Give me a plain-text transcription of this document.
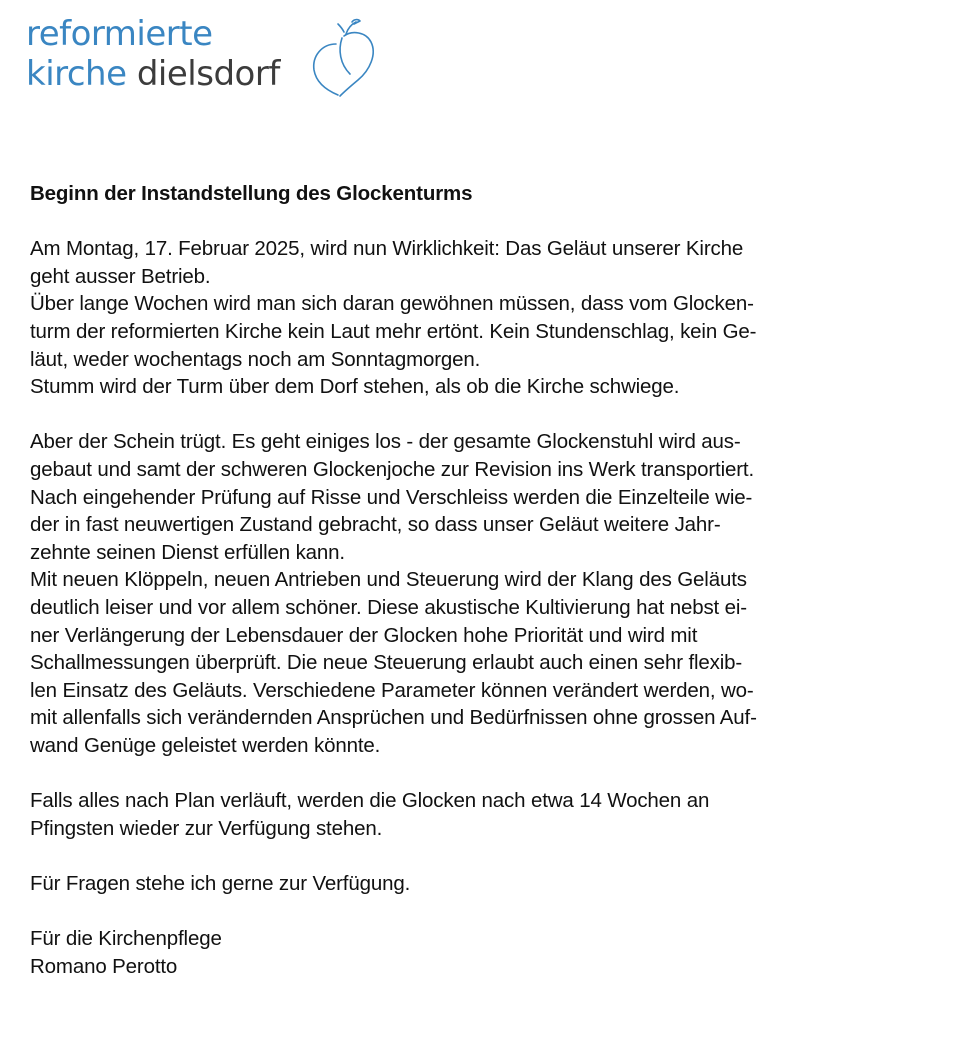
reformierte
kirche dielsdorf
Beginn der Instandstellung des Glockenturms
Am Montag, 17. Februar 2025, wird nun Wirklichkeit: Das Geläut unserer Kirche
geht ausser Betrieb.
Über lange Wochen wird man sich daran gewöhnen müssen, dass vom Glocken-
turm der reformierten Kirche kein Laut mehr ertönt. Kein Stundenschlag, kein Ge-
läut, weder wochentags noch am Sonntagmorgen.
Stumm wird der Turm über dem Dorf stehen, als ob die Kirche schwiege.
Aber der Schein trügt. Es geht einiges los - der gesamte Glockenstuhl wird aus-
gebaut und samt der schweren Glockenjoche zur Revision ins Werk transportiert.
Nach eingehender Prüfung auf Risse und Verschleiss werden die Einzelteile wie-
der in fast neuwertigen Zustand gebracht, so dass unser Geläut weitere Jahr-
zehnte seinen Dienst erfüllen kann.
Mit neuen Klöppeln, neuen Antrieben und Steuerung wird der Klang des Geläuts
deutlich leiser und vor allem schöner. Diese akustische Kultivierung hat nebst ei-
ner Verlängerung der Lebensdauer der Glocken hohe Priorität und wird mit
Schallmessungen überprüft. Die neue Steuerung erlaubt auch einen sehr flexib-
len Einsatz des Geläuts. Verschiedene Parameter können verändert werden, wo-
mit allenfalls sich verändernden Ansprüchen und Bedürfnissen ohne grossen Auf-
wand Genüge geleistet werden könnte.
Falls alles nach Plan verläuft, werden die Glocken nach etwa 14 Wochen an
Pfingsten wieder zur Verfügung stehen.
Für Fragen stehe ich gerne zur Verfügung.
Für die Kirchenpflege
Romano Perotto
